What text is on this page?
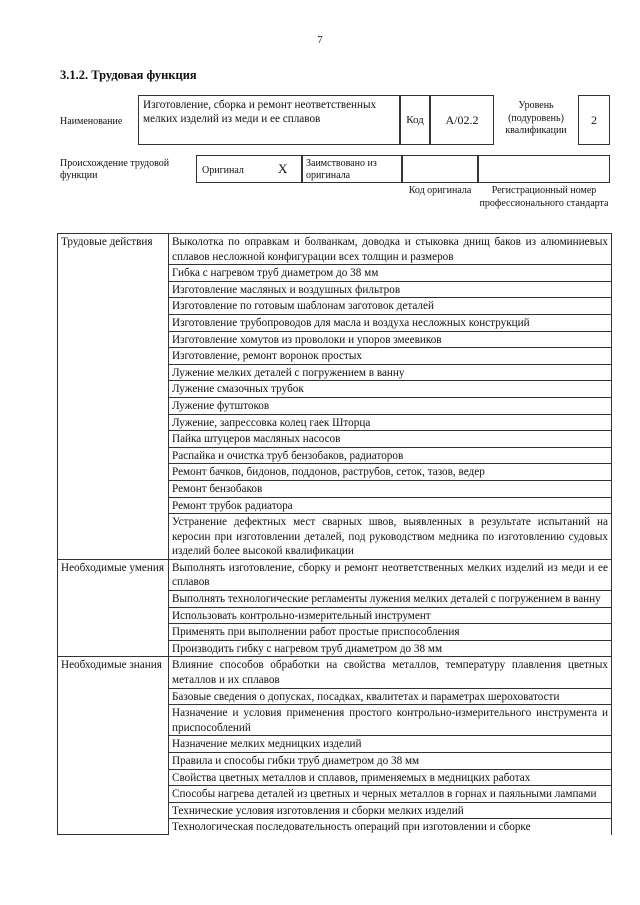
7
3.1.2. Трудовая функция
Наименование
Изготовление, сборка и ремонт неответственных мелких изделий из меди и ее сплавов	Код	А/02.2
Уровень (подуровень) квалификации
2
Происхождение трудовой функции	Оригинал	X	Заимствовано из оригинала
Код оригинала	Регистрационный номер профессионального стандарта
Трудовые действия	Выколотка по оправкам и болванкам, доводка и стыковка днищ баков из алюминиевых сплавов несложной конфигурации всех толщин и размеров
	Гибка с нагревом труб диаметром до 38 мм
	Изготовление масляных и воздушных фильтров
	Изготовление по готовым шаблонам заготовок деталей
	Изготовление трубопроводов для масла и воздуха несложных конструкций
	Изготовление хомутов из проволоки и упоров змеевиков
	Изготовление, ремонт воронок простых
	Лужение мелких деталей с погружением в ванну
	Лужение смазочных трубок
	Лужение футштоков
	Лужение, запрессовка колец гаек Шторца
	Пайка штуцеров масляных насосов
	Распайка и очистка труб бензобаков, радиаторов
	Ремонт бачков, бидонов, поддонов, раструбов, сеток, тазов, ведер
	Ремонт бензобаков
	Ремонт трубок радиатора
	Устранение дефектных мест сварных швов, выявленных в результате испытаний на керосин при изготовлении деталей, под руководством медника по изготовлению судовых изделий более высокой квалификации
Необходимые умения	Выполнять изготовление, сборку и ремонт неответственных мелких изделий из меди и ее сплавов
	Выполнять технологические регламенты лужения мелких деталей с погружением в ванну
	Использовать контрольно-измерительный инструмент
	Применять при выполнении работ простые приспособления
	Производить гибку с нагревом труб диаметром до 38 мм
Необходимые знания	Влияние способов обработки на свойства металлов, температуру плавления цветных металлов и их сплавов
	Базовые сведения о допусках, посадках, квалитетах и параметрах шероховатости
	Назначение и условия применения простого контрольно-измерительного инструмента и приспособлений
	Назначение мелких медницких изделий
	Правила и способы гибки труб диаметром до 38 мм
	Свойства цветных металлов и сплавов, применяемых в медницких работах
	Способы нагрева деталей из цветных и черных металлов в горнах и паяльными лампами
	Технические условия изготовления и сборки мелких изделий
	Технологическая последовательность операций при изготовлении и сборке
